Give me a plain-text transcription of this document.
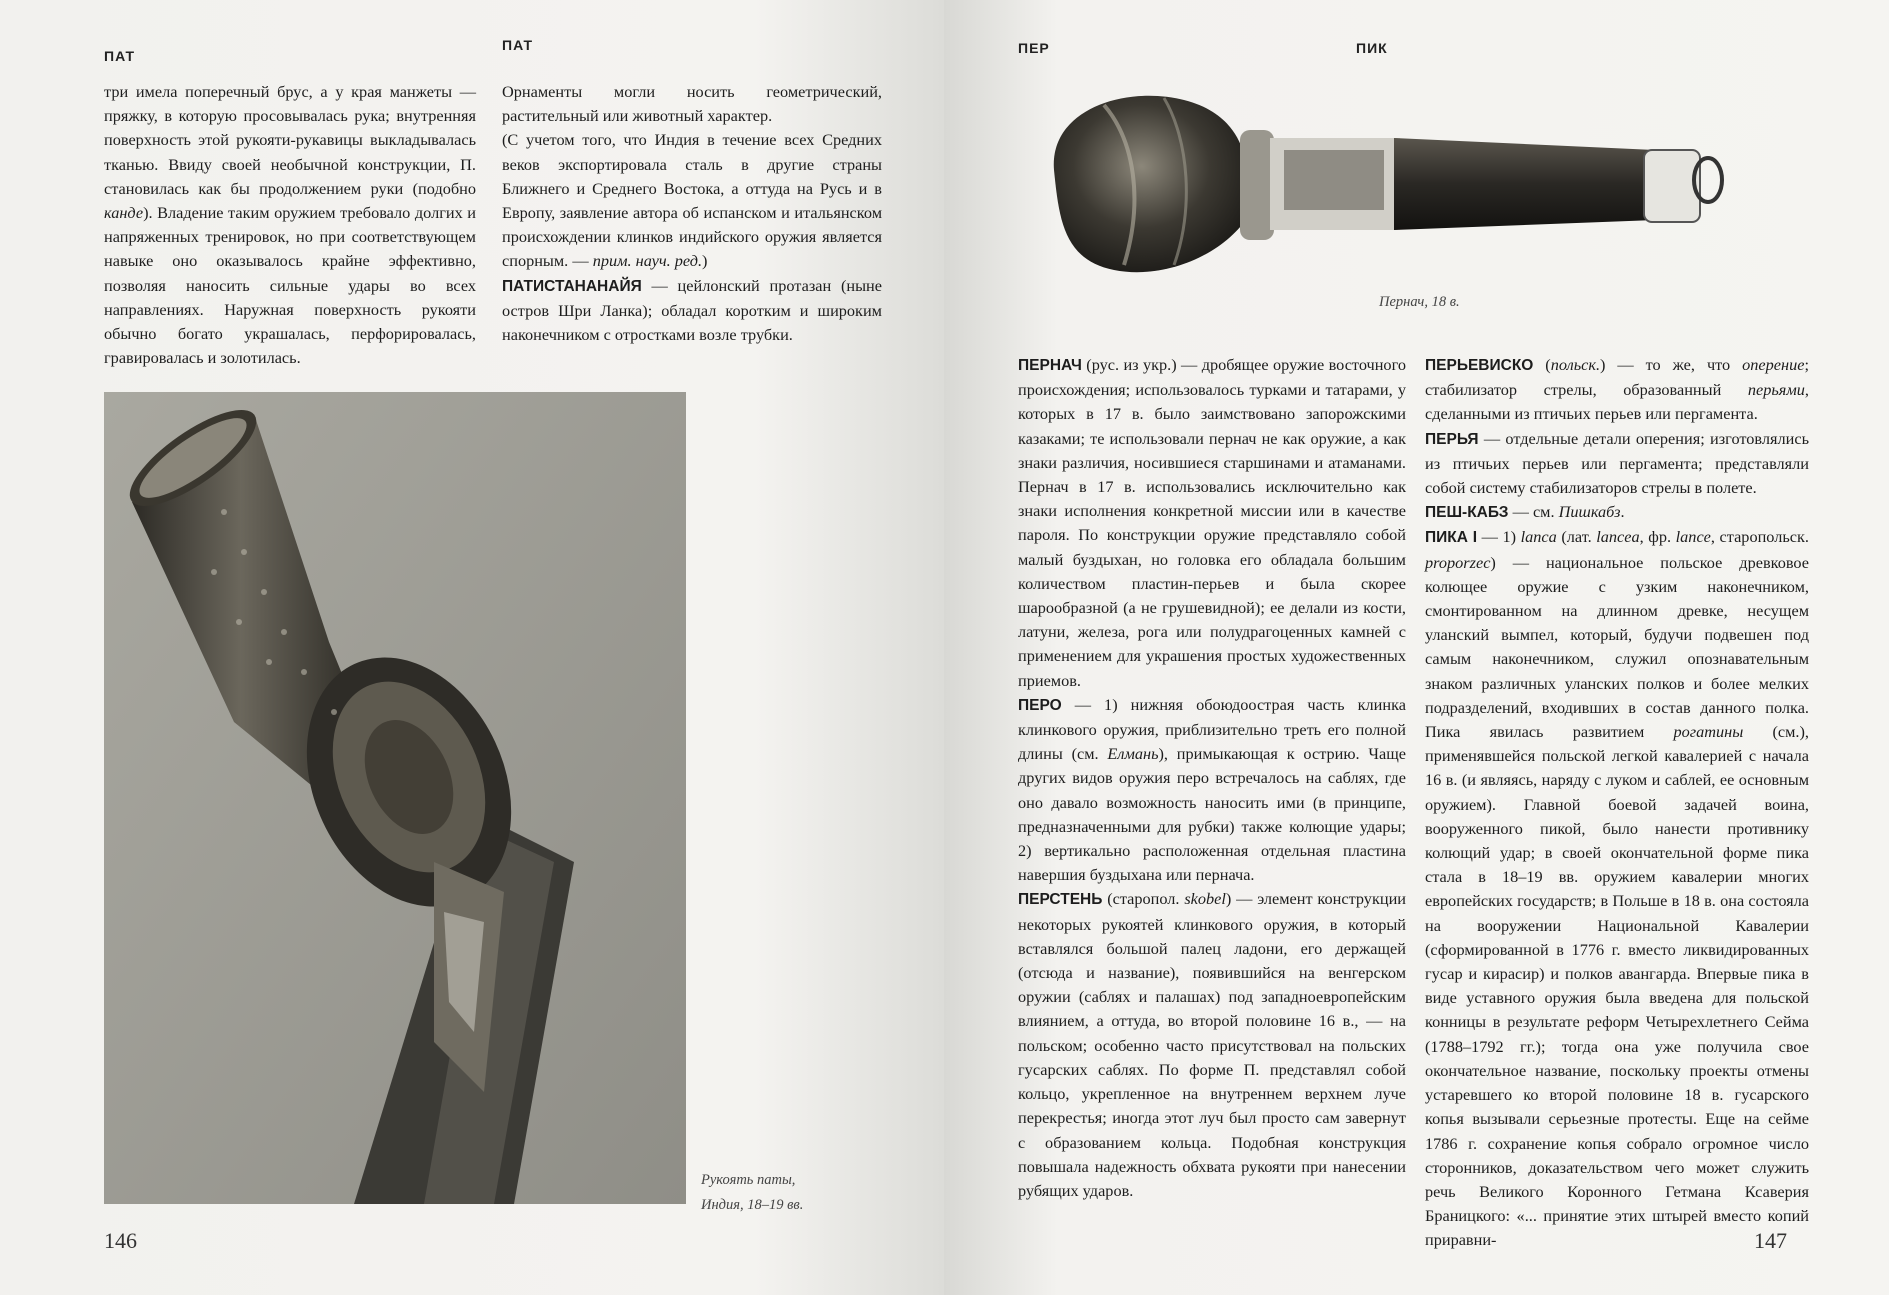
ПАТ
ПАТ

три имела поперечный брус, а у края манжеты — пряжку, в которую просовывалась рука; внутренняя поверхность этой рукояти-рукавицы выкладывалась тканью. Ввиду своей необычной конструкции, П. становилась как бы продолжением руки (подобно канде). Владение таким оружием требовало долгих и напряженных тренировок, но при соответствующем навыке оно оказывалось крайне эффективно, позволяя наносить сильные удары во всех направлениях. Наружная поверхность рукояти обычно богато украшалась, перфорировалась, гравировалась и золотилась.

Орнаменты могли носить геометрический, растительный или животный характер.

(С учетом того, что Индия в течение всех Средних веков экспортировала сталь в другие страны Ближнего и Среднего Востока, а оттуда на Русь и в Европу, заявление автора об испанском и итальянском происхождении клинков индийского оружия является спорным. — прим. науч. ред.)

ПАТИСТАНАНАЙЯ — цейлонский протазан (ныне остров Шри Ланка); обладал коротким и широким наконечником с отростками возле трубки.

Рукоять паты,
Индия, 18–19 вв.
146
ПЕР	ПИК
Пернач, 18 в.

ПЕРНАЧ (рус. из укр.) — дробящее оружие восточного происхождения; использовалось турками и татарами, у которых в 17 в. было заимствовано запорожскими казаками; те использовали пернач не как оружие, а как знаки различия, носившиеся старшинами и атаманами. Пернач в 17 в. использовались исключительно как знаки исполнения конкретной миссии или в качестве пароля. По конструкции оружие представляло собой малый буздыхан, но головка его обладала большим количеством пластин-перьев и была скорее шарообразной (а не грушевидной); ее делали из кости, латуни, железа, рога или полудрагоценных камней с применением для украшения простых художественных приемов.

ПЕРО — 1) нижняя обоюдоострая часть клинка клинкового оружия, приблизительно треть его полной длины (см. Елмань), примыкающая к острию. Чаще других видов оружия перо встречалось на саблях, где оно давало возможность наносить ими (в принципе, предназначенными для рубки) также колющие удары; 2) вертикально расположенная отдельная пластина навершия буздыхана или пернача.

ПЕРСТЕНЬ (старопол. skobel) — элемент конструкции некоторых рукоятей клинкового оружия, в который вставлялся большой палец ладони, его держащей (отсюда и название), появившийся на венгерском оружии (саблях и палашах) под западноевропейским влиянием, а оттуда, во второй половине 16 в., — на польском; особенно часто присутствовал на польских гусарских саблях. По форме П. представлял собой кольцо, укрепленное на внутреннем верхнем луче перекрестья; иногда этот луч был просто сам завернут с образованием кольца. Подобная конструкция повышала надежность обхвата рукояти при нанесении рубящих ударов.

ПЕРЬЕВИСКО (польск.) — то же, что оперение; стабилизатор стрелы, образованный перьями, сделанными из птичьих перьев или пергамента.

ПЕРЬЯ — отдельные детали оперения; изготовлялись из птичьих перьев или пергамента; представляли собой систему стабилизаторов стрелы в полете.

ПЕШ-КАБЗ — см. Пишкабз.

ПИКА I — 1) lanca (лат. lancea, фр. lance, старопольск. proporzec) — национальное польское древковое колющее оружие с узким наконечником, смонтированном на длинном древке, несущем уланский вымпел, который, будучи подвешен под самым наконечником, служил опознавательным знаком различных уланских полков и более мелких подразделений, входивших в состав данного полка. Пика явилась развитием рогатины (см.), применявшейся польской легкой кавалерией с начала 16 в. (и являясь, наряду с луком и саблей, ее основным оружием). Главной боевой задачей воина, вооруженного пикой, было нанести противнику колющий удар; в своей окончательной форме пика стала в 18–19 вв. оружием кавалерии многих европейских государств; в Польше в 18 в. она состояла на вооружении Национальной Кавалерии (сформированной в 1776 г. вместо ликвидированных гусар и кирасир) и полков авангарда. Впервые пика в виде уставного оружия была введена для польской конницы в результате реформ Четырехлетнего Сейма (1788–1792 гг.); тогда она уже получила свое окончательное название, поскольку проекты отмены устаревшего ко второй половине 18 в. гусарского копья вызывали серьезные протесты. Еще на сейме 1786 г. сохранение копья собрало огромное число сторонников, доказательством чего может служить речь Великого Коронного Гетмана Ксаверия Браницкого: «... принятие этих штырей вместо копий приравни-	147
